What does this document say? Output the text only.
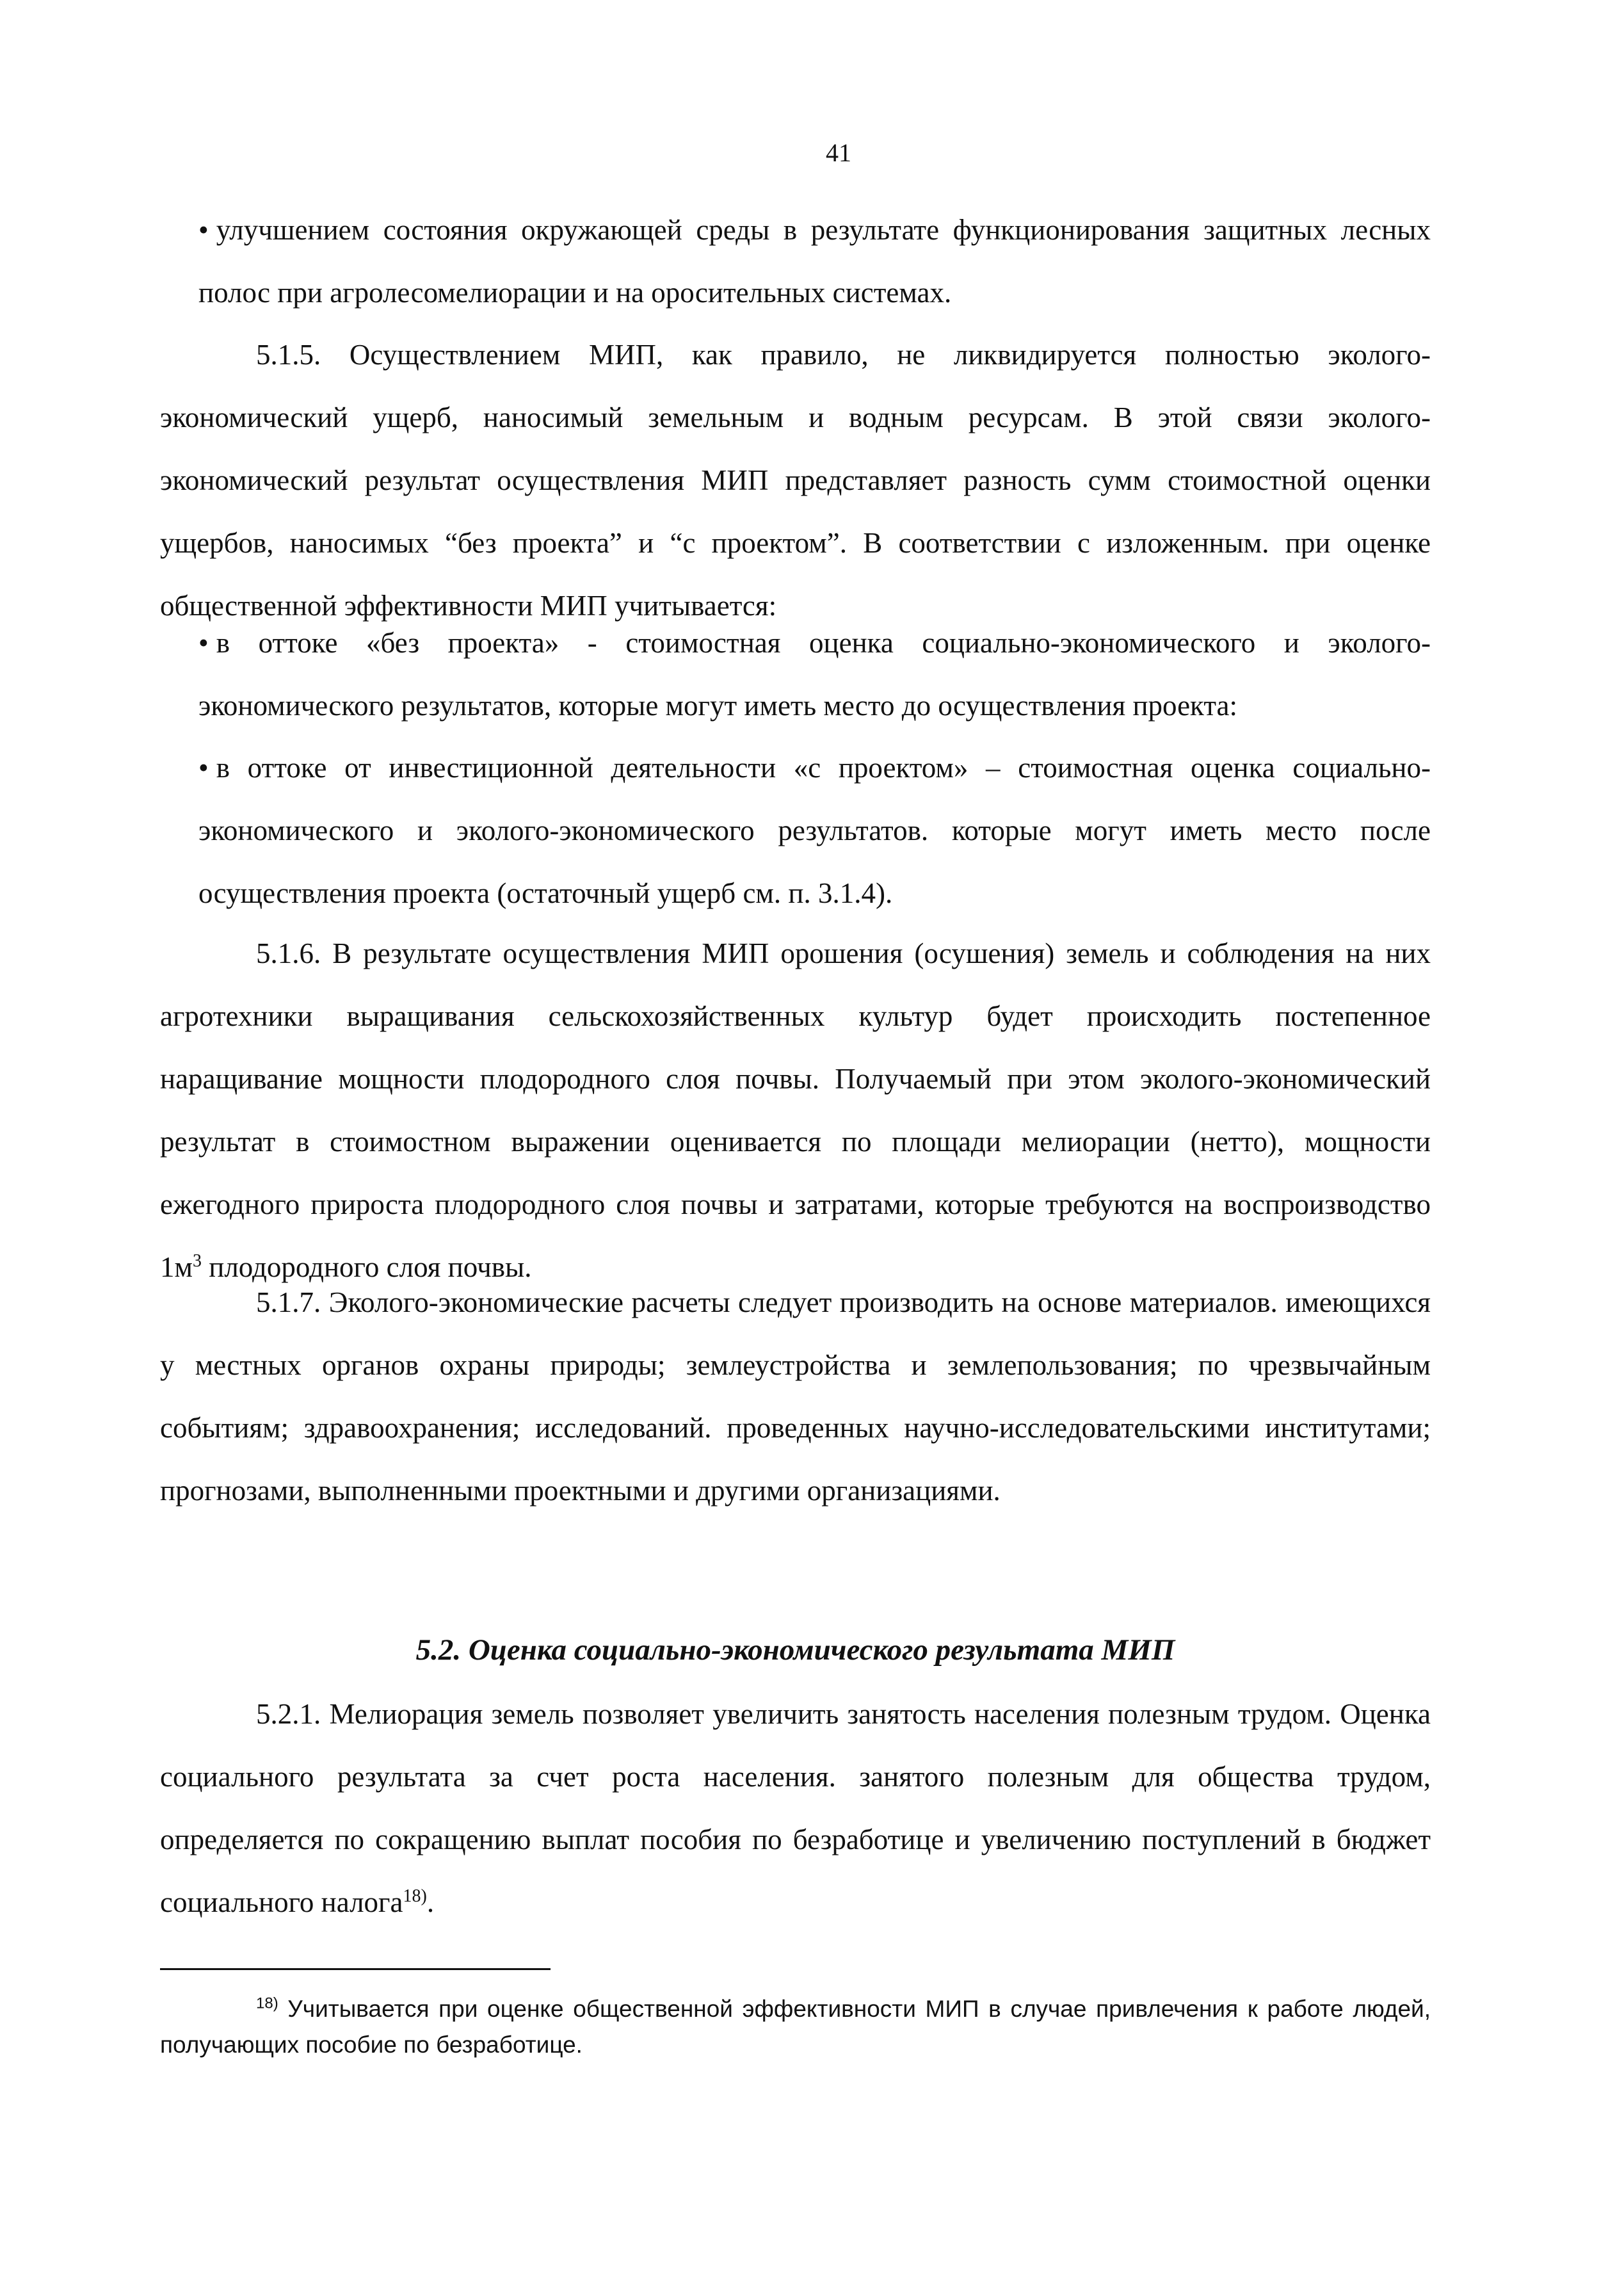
41
• улучшением состояния окружающей среды в результате функционирования защитных лесных полос при агролесомелиорации и на оросительных системах.
5.1.5. Осуществлением МИП, как правило, не ликвидируется полностью эколого-экономический ущерб, наносимый земельным и водным ресурсам. В этой связи эколого-экономический результат осуществления МИП представляет разность сумм стоимостной оценки ущербов, наносимых “без проекта” и “с проектом”. В соответствии с изложенным. при оценке общественной эффективности МИП учитывается:
• в оттоке «без проекта» - стоимостная оценка социально-экономического и эколого-экономического результатов, которые могут иметь место до осуществления проекта:
• в оттоке от инвестиционной деятельности «с проектом» – стоимостная оценка социально-экономического и эколого-экономического результатов. которые могут иметь место после осуществления проекта (остаточный ущерб см. п. 3.1.4).
5.1.6. В результате осуществления МИП орошения (осушения) земель и соблюдения на них агротехники выращивания сельскохозяйственных культур будет происходить постепенное наращивание мощности плодородного слоя почвы. Получаемый при этом эколого-экономический результат в стоимостном выражении оценивается по площади мелиорации (нетто), мощности ежегодного прироста плодородного слоя почвы и затратами, которые требуются на воспроизводство $1м^3$ плодородного слоя почвы.
5.1.7. Эколого-экономические расчеты следует производить на основе материалов. имеющихся у местных органов охраны природы; землеустройства и землепользования; по чрезвычайным событиям; здравоохранения; исследований. проведенных научно-исследовательскими институтами; прогнозами, выполненными проектными и другими организациями.
5.2. Оценка социально-экономического результата МИП
5.2.1. Мелиорация земель позволяет увеличить занятость населения полезным трудом. Оценка социального результата за счет роста населения. занятого полезным для общества трудом, определяется по сокращению выплат пособия по безработице и увеличению поступлений в бюджет социального налога$^{18)}$.
$^{18)}$ Учитывается при оценке общественной эффективности МИП в случае привлечения к работе людей, получающих пособие по безработице.
